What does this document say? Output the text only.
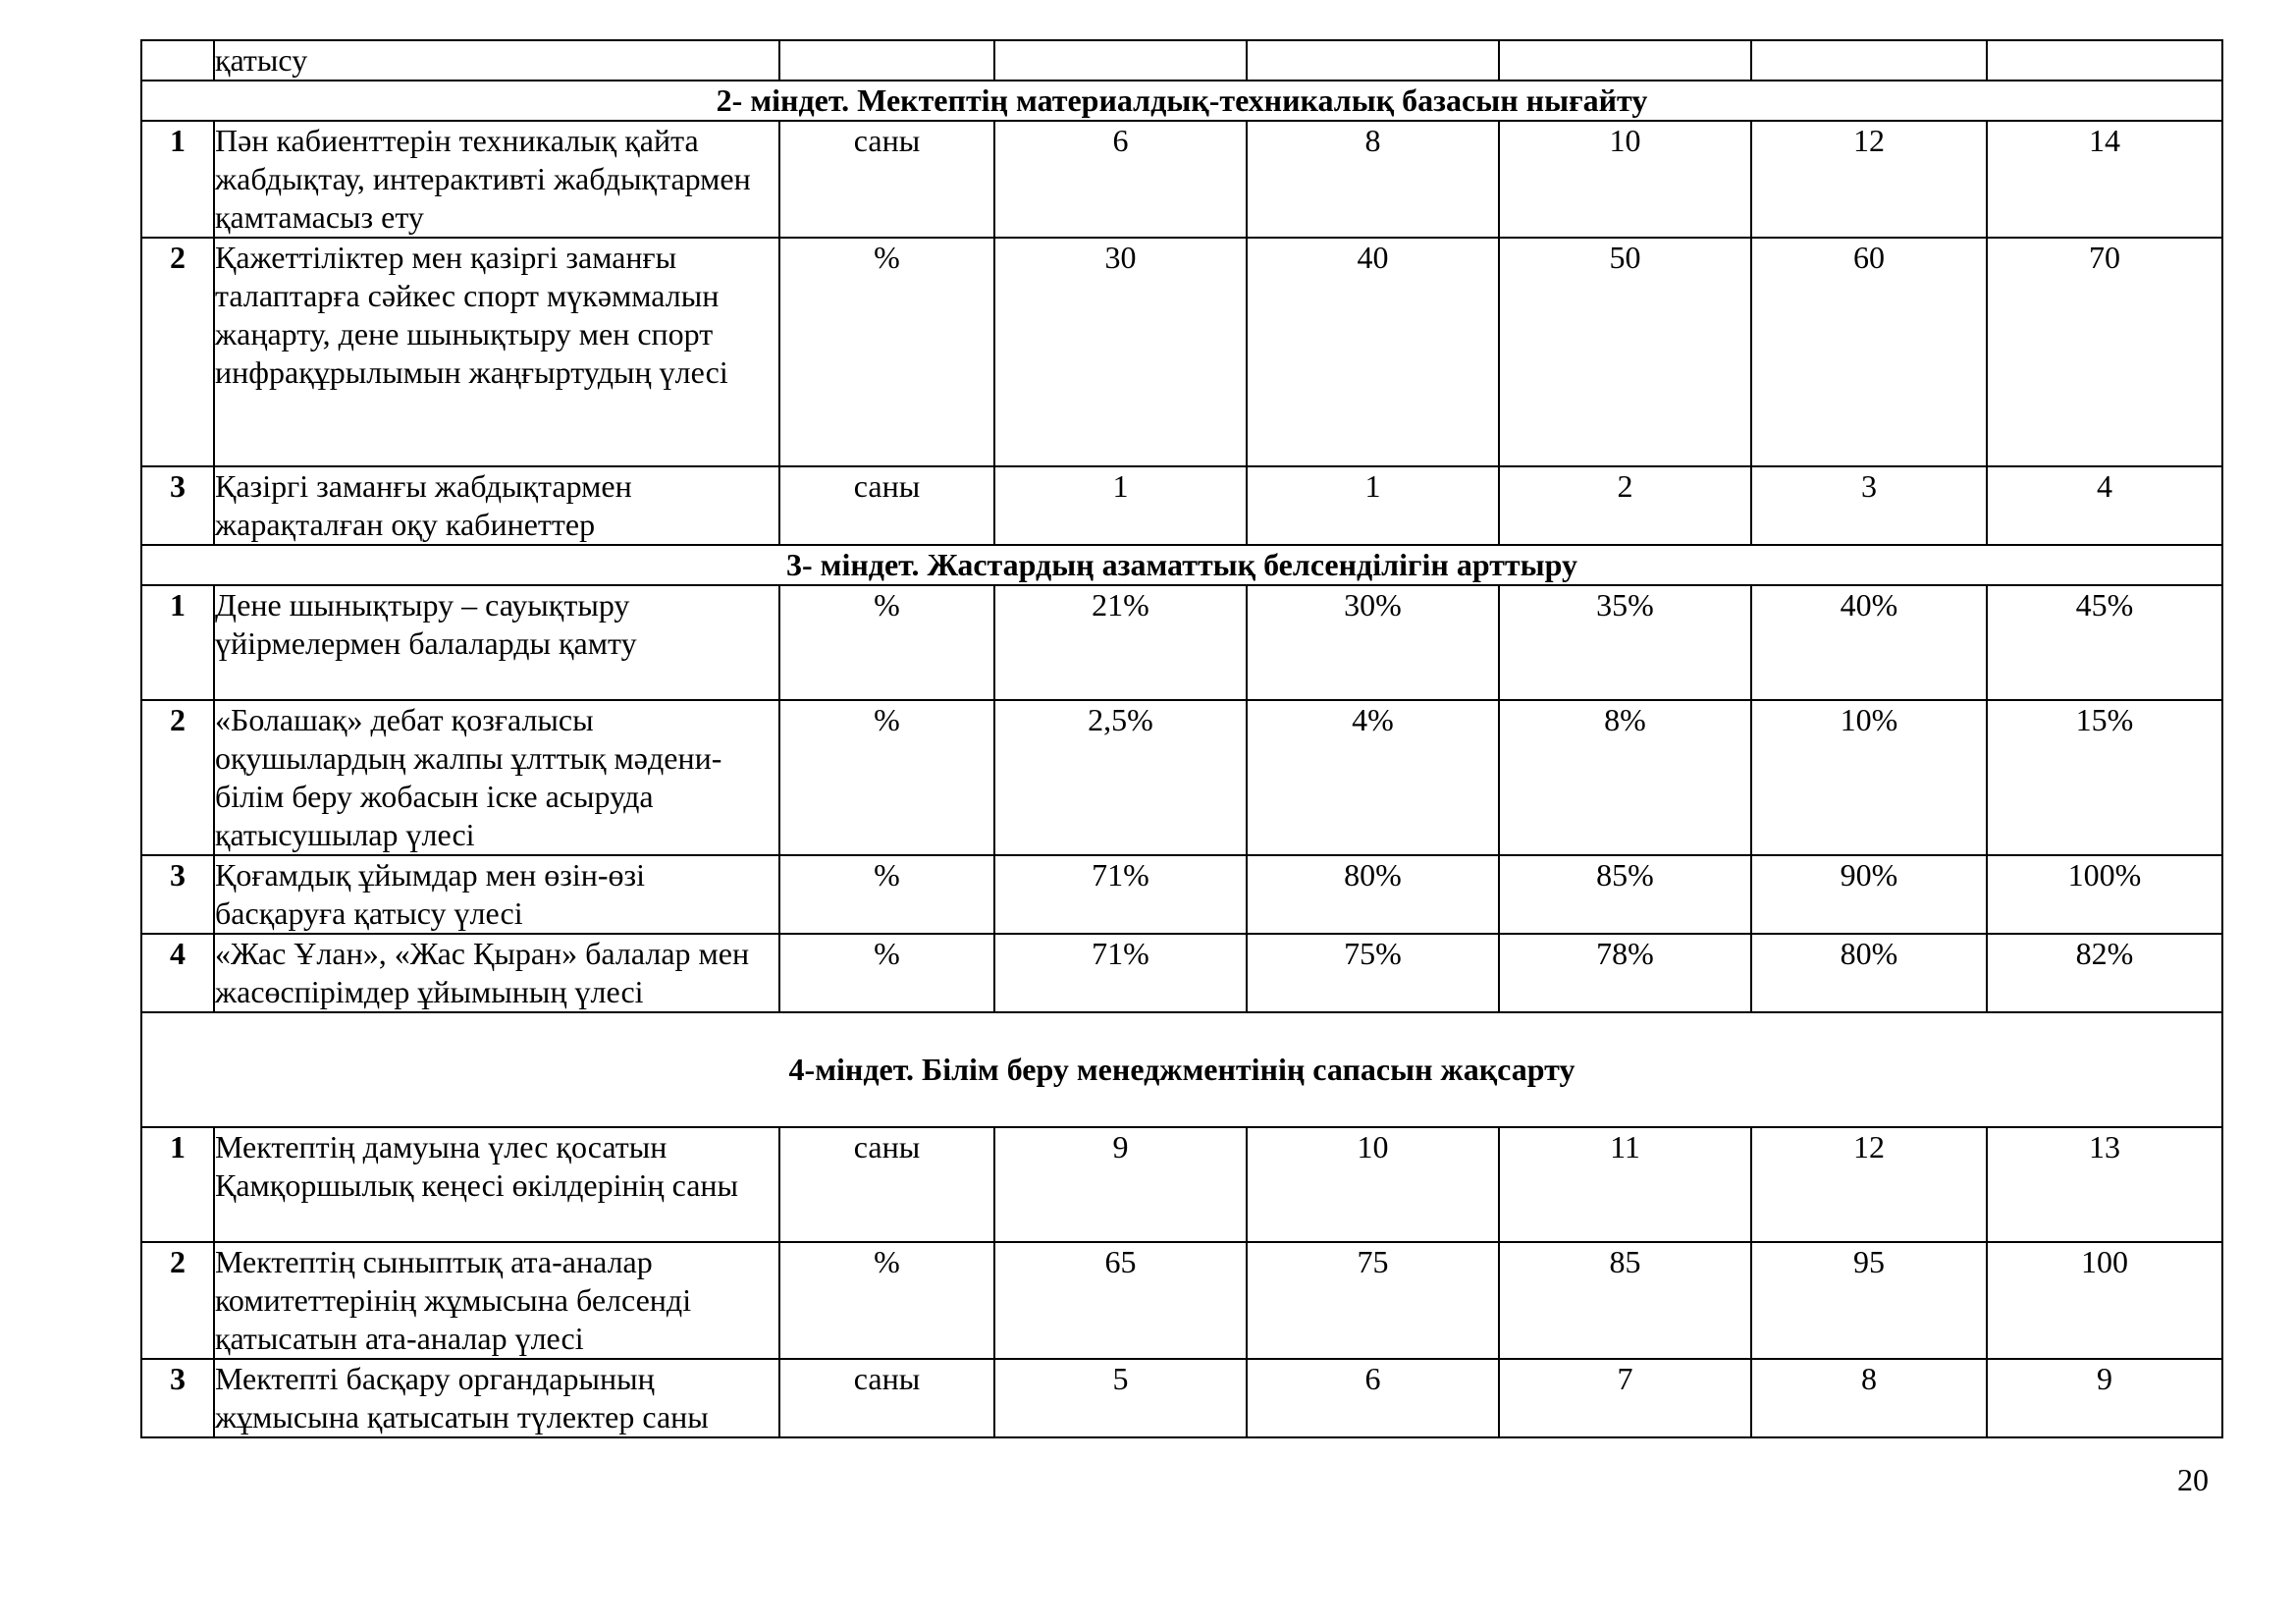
	қатысу						
2- міндет. Мектептің материалдық-техникалық базасын нығайту							
1	Пән кабиенттерін техникалық қайта жабдықтау, интерактивті жабдықтармен қамтамасыз ету	саны	6	8	10	12	14
2	Қажеттіліктер мен қазіргі заманғы талаптарға сәйкес спорт мүкәммалын жаңарту, дене шынықтыру мен спорт инфрақұрылымын жаңғыртудың үлесі	%	30	40	50	60	70
3	Қазіргі заманғы жабдықтармен жарақталған оқу кабинеттер	саны	1	1	2	3	4
3- міндет. Жастардың азаматтық белсенділігін арттыру							
1	Дене шынықтыру – сауықтыру үйірмелермен балаларды қамту	%	21%	30%	35%	40%	45%
2	«Болашақ» дебат қозғалысы оқушылардың жалпы ұлттық мәдени-білім беру жобасын іске асыруда қатысушылар үлесі	%	2,5%	4%	8%	10%	15%
3	Қоғамдық ұйымдар мен өзін-өзі басқаруға қатысу үлесі	%	71%	80%	85%	90%	100%
4	«Жас Ұлан», «Жас Қыран» балалар мен жасөспірімдер ұйымының үлесі	%	71%	75%	78%	80%	82%
4-міндет. Білім беру менеджментінің сапасын жақсарту							
1	Мектептің дамуына үлес қосатын Қамқоршылық кеңесі өкілдерінің саны	саны	9	10	11	12	13
2	Мектептің сыныптық ата-аналар комитеттерінің жұмысына белсенді қатысатын ата-аналар үлесі	%	65	75	85	95	100
3	Мектепті басқару органдарының жұмысына қатысатын түлектер саны	саны	5	6	7	8	9
20
